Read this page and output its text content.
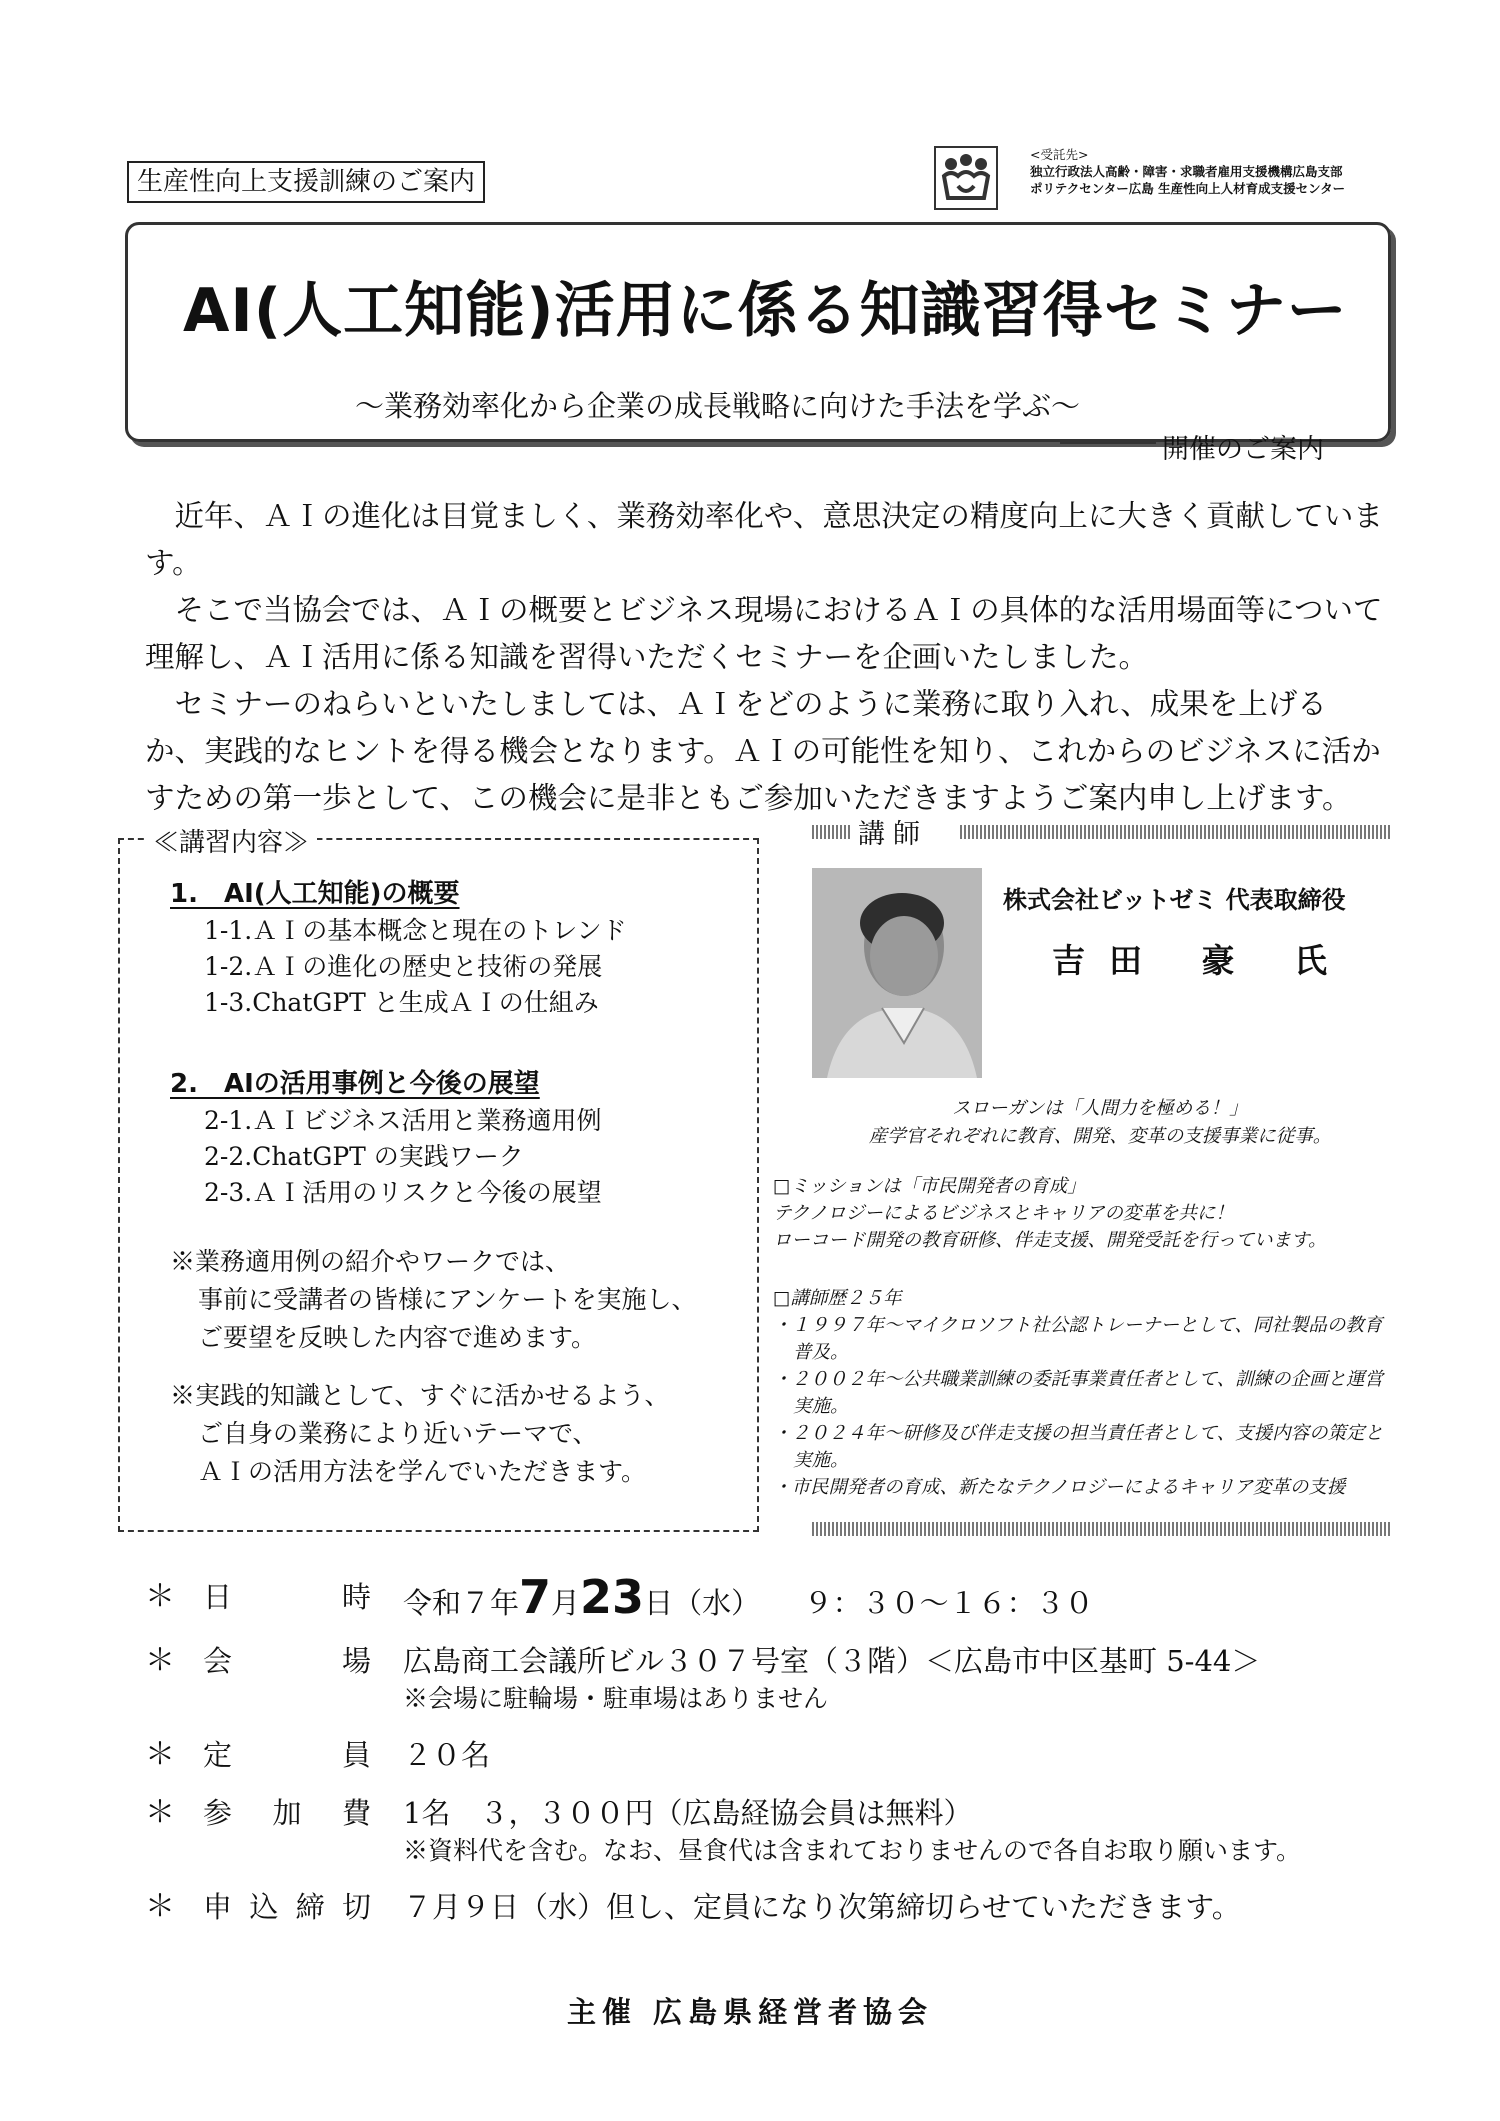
生産性向上支援訓練のご案内
<受託先>
独立行政法人高齢・障害・求職者雇用支援機構広島支部
ポリテクセンター広島 生産性向上人材育成支援センター
AI(人工知能)活用に係る知識習得セミナー
～業務効率化から企業の成長戦略に向けた手法を学ぶ～
開催のご案内

　近年、ＡＩの進化は目覚ましく、業務効率化や、意思決定の精度向上に大きく貢献しています。

　そこで当協会では、ＡＩの概要とビジネス現場におけるＡＩの具体的な活用場面等について理解し、ＡＩ活用に係る知識を習得いただくセミナーを企画いたしました。

　セミナーのねらいといたしましては、ＡＩをどのように業務に取り入れ、成果を上げるか、実践的なヒントを得る機会となります。ＡＩの可能性を知り、これからのビジネスに活かすための第一歩として、この機会に是非ともご参加いただきますようご案内申し上げます。

≪講習内容≫
1.　AI(人工知能)の概要
1-1.ＡＩの基本概念と現在のトレンド
1-2.ＡＩの進化の歴史と技術の発展
1-3.ChatGPT と生成ＡＩの仕組み
2.　AIの活用事例と今後の展望
2-1.ＡＩビジネス活用と業務適用例
2-2.ChatGPT の実践ワーク
2-3.ＡＩ活用のリスクと今後の展望
※業務適用例の紹介やワークでは、
事前に受講者の皆様にアンケートを実施し、
ご要望を反映した内容で進めます。
※実践的知識として、すぐに活かせるよう、
ご自身の業務により近いテーマで、
ＡＩの活用方法を学んでいただきます。
講師
株式会社ビットゼミ 代表取締役
吉田 豪 氏
スローガンは「人間力を極める！」
産学官それぞれに教育、開発、変革の支援事業に従事。
□ミッションは「市民開発者の育成」
テクノロジーによるビジネスとキャリアの変革を共に！
ローコード開発の教育研修、伴走支援、開発受託を行っています。
□講師歴２５年
・１９９７年～マイクロソフト社公認トレーナーとして、同社製品の教育普及。
・２００２年～公共職業訓練の委託事業責任者として、訓練の企画と運営実施。
・２０２４年～研修及び伴走支援の担当責任者として、支援内容の策定と実施。
・市民開発者の育成、新たなテクノロジーによるキャリア変革の支援
＊ 日	時 令和７年7月23日（水）　　 ９：３０～１６：３０
＊ 会	場 広島商工会議所ビル３０７号室（３階）＜広島市中区基町 5-44＞
※会場に駐輪場・駐車場はありません
＊ 定	員 ２０名
＊ 参 加 費 1名　３，３００円（広島経協会員は無料）
※資料代を含む。なお、昼食代は含まれておりませんので各自お取り願います。
＊ 申 込 締 切 ７月９日（水）但し、定員になり次第締切らせていただきます。
主催 広島県経営者協会
